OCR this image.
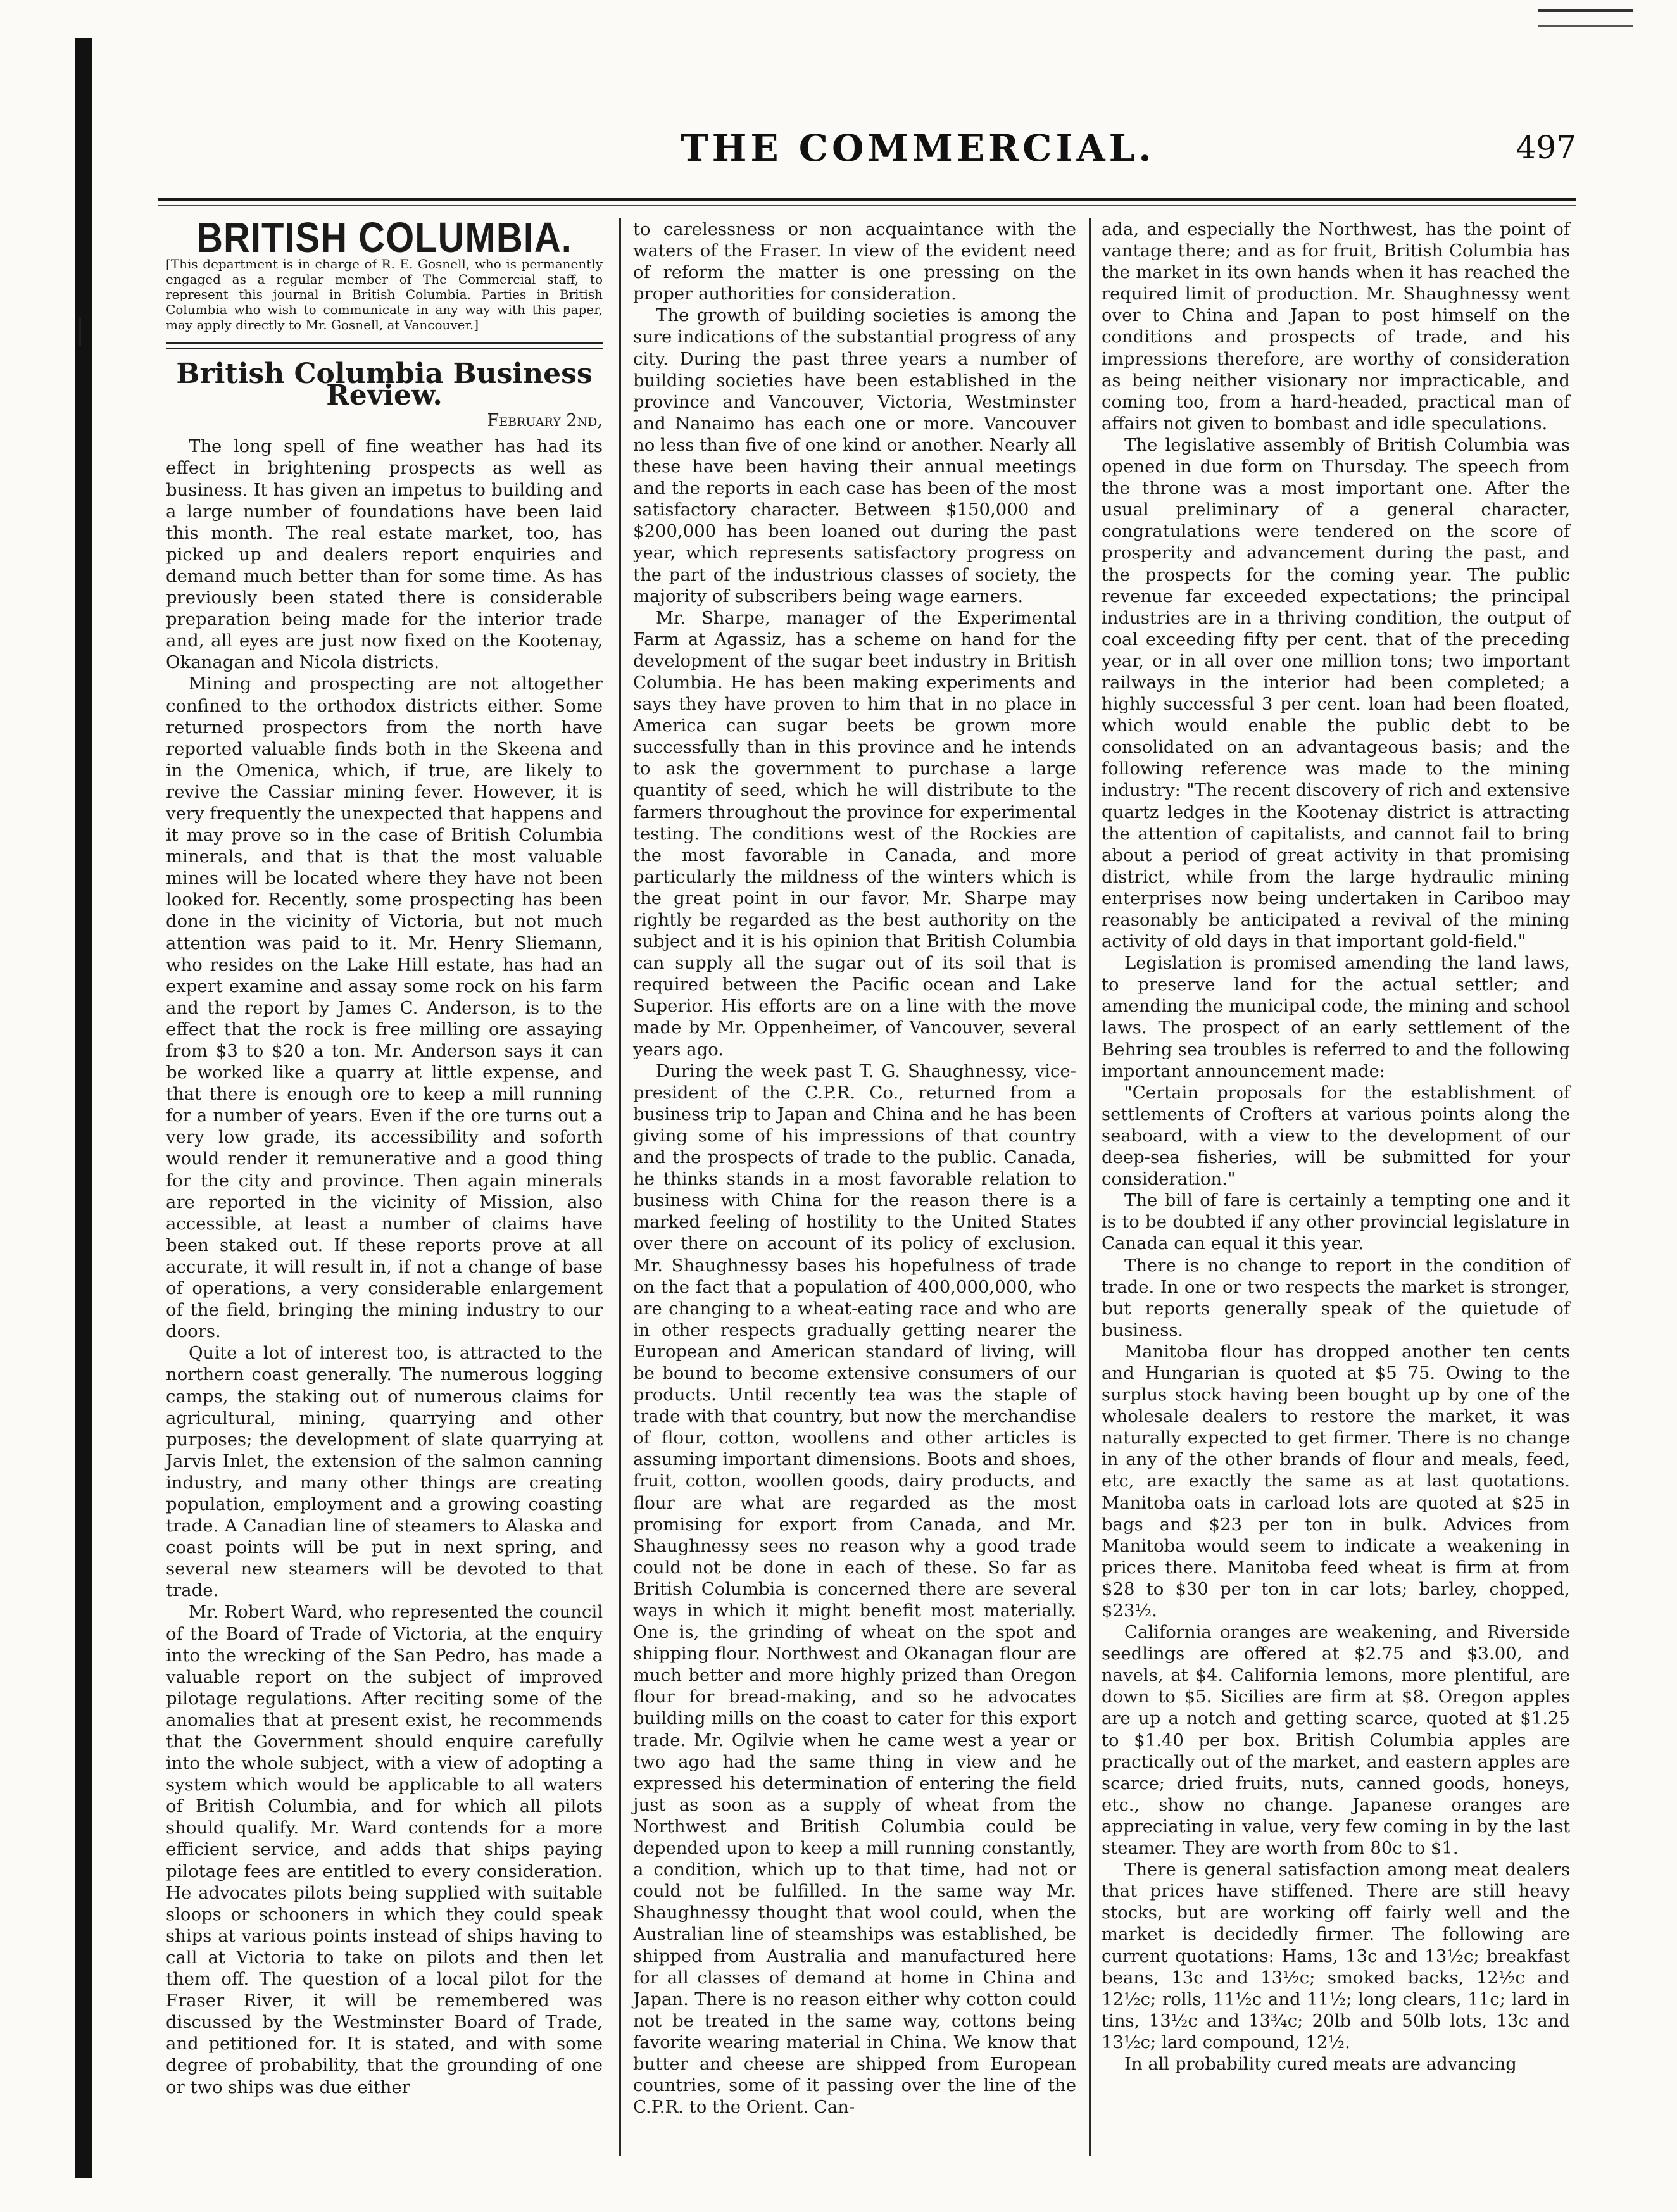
THE COMMERCIAL.	497
BRITISH COLUMBIA.
[This department is in charge of R. E. Gosnell, who is permanently engaged as a regular member of The Commercial staff, to represent this journal in British Columbia. Parties in British Columbia who wish to communicate in any way with this paper, may apply directly to Mr. Gosnell, at Vancouver.]
British Columbia Business Review.
February 2nd,

The long spell of fine weather has had its effect in brightening prospects as well as business. It has given an impetus to building and a large number of foundations have been laid this month. The real estate market, too, has picked up and dealers report enquiries and demand much better than for some time. As has previously been stated there is considerable preparation being made for the interior trade and, all eyes are just now fixed on the Kootenay, Okanagan and Nicola districts.

Mining and prospecting are not altogether confined to the orthodox districts either. Some returned prospectors from the north have reported valuable finds both in the Skeena and in the Omenica, which, if true, are likely to revive the Cassiar mining fever. However, it is very frequently the unexpected that happens and it may prove so in the case of British Columbia minerals, and that is that the most valuable mines will be located where they have not been looked for. Recently, some prospecting has been done in the vicinity of Victoria, but not much attention was paid to it. Mr. Henry Sliemann, who resides on the Lake Hill estate, has had an expert examine and assay some rock on his farm and the report by James C. Anderson, is to the effect that the rock is free milling ore assaying from $3 to $20 a ton. Mr. Anderson says it can be worked like a quarry at little expense, and that there is enough ore to keep a mill running for a number of years. Even if the ore turns out a very low grade, its accessibility and soforth would render it remunerative and a good thing for the city and province. Then again minerals are reported in the vicinity of Mission, also accessible, at least a number of claims have been staked out. If these reports prove at all accurate, it will result in, if not a change of base of operations, a very considerable enlargement of the field, bringing the mining industry to our doors.

Quite a lot of interest too, is attracted to the northern coast generally. The numerous logging camps, the staking out of numerous claims for agricultural, mining, quarrying and other purposes; the development of slate quarrying at Jarvis Inlet, the extension of the salmon canning industry, and many other things are creating population, employment and a growing coasting trade. A Canadian line of steamers to Alaska and coast points will be put in next spring, and several new steamers will be devoted to that trade.

Mr. Robert Ward, who represented the council of the Board of Trade of Victoria, at the enquiry into the wrecking of the San Pedro, has made a valuable report on the subject of improved pilotage regulations. After reciting some of the anomalies that at present exist, he recommends that the Government should enquire carefully into the whole subject, with a view of adopting a system which would be applicable to all waters of British Columbia, and for which all pilots should qualify. Mr. Ward contends for a more efficient service, and adds that ships paying pilotage fees are entitled to every consideration. He advocates pilots being supplied with suitable sloops or schooners in which they could speak ships at various points instead of ships having to call at Victoria to take on pilots and then let them off. The question of a local pilot for the Fraser River, it will be remembered was discussed by the Westminster Board of Trade, and petitioned for. It is stated, and with some degree of probability, that the grounding of one or two ships was due either

to carelessness or non acquaintance with the waters of the Fraser. In view of the evident need of reform the matter is one pressing on the proper authorities for consideration.

The growth of building societies is among the sure indications of the substantial progress of any city. During the past three years a number of building societies have been established in the province and Vancouver, Victoria, Westminster and Nanaimo has each one or more. Vancouver no less than five of one kind or another. Nearly all these have been having their annual meetings and the reports in each case has been of the most satisfactory character. Between $150,000 and $200,000 has been loaned out during the past year, which represents satisfactory progress on the part of the industrious classes of society, the majority of subscribers being wage earners.

Mr. Sharpe, manager of the Experimental Farm at Agassiz, has a scheme on hand for the development of the sugar beet industry in British Columbia. He has been making experiments and says they have proven to him that in no place in America can sugar beets be grown more successfully than in this province and he intends to ask the government to purchase a large quantity of seed, which he will distribute to the farmers throughout the province for experimental testing. The conditions west of the Rockies are the most favorable in Canada, and more particularly the mildness of the winters which is the great point in our favor. Mr. Sharpe may rightly be regarded as the best authority on the subject and it is his opinion that British Columbia can supply all the sugar out of its soil that is required between the Pacific ocean and Lake Superior. His efforts are on a line with the move made by Mr. Oppenheimer, of Vancouver, several years ago.

During the week past T. G. Shaughnessy, vice-president of the C.P.R. Co., returned from a business trip to Japan and China and he has been giving some of his impressions of that country and the prospects of trade to the public. Canada, he thinks stands in a most favorable relation to business with China for the reason there is a marked feeling of hostility to the United States over there on account of its policy of exclusion. Mr. Shaughnessy bases his hopefulness of trade on the fact that a population of 400,000,000, who are changing to a wheat-eating race and who are in other respects gradually getting nearer the European and American standard of living, will be bound to become extensive consumers of our products. Until recently tea was the staple of trade with that country, but now the merchandise of flour, cotton, woollens and other articles is assuming important dimensions. Boots and shoes, fruit, cotton, woollen goods, dairy products, and flour are what are regarded as the most promising for export from Canada, and Mr. Shaughnessy sees no reason why a good trade could not be done in each of these. So far as British Columbia is concerned there are several ways in which it might benefit most materially. One is, the grinding of wheat on the spot and shipping flour. Northwest and Okanagan flour are much better and more highly prized than Oregon flour for bread-making, and so he advocates building mills on the coast to cater for this export trade. Mr. Ogilvie when he came west a year or two ago had the same thing in view and he expressed his determination of entering the field just as soon as a supply of wheat from the Northwest and British Columbia could be depended upon to keep a mill running constantly, a condition, which up to that time, had not or could not be fulfilled. In the same way Mr. Shaughnessy thought that wool could, when the Australian line of steamships was established, be shipped from Australia and manufactured here for all classes of demand at home in China and Japan. There is no reason either why cotton could not be treated in the same way, cottons being favorite wearing material in China. We know that butter and cheese are shipped from European countries, some of it passing over the line of the C.P.R. to the Orient. Can-

ada, and especially the Northwest, has the point of vantage there; and as for fruit, British Columbia has the market in its own hands when it has reached the required limit of production. Mr. Shaughnessy went over to China and Japan to post himself on the conditions and prospects of trade, and his impressions therefore, are worthy of consideration as being neither visionary nor impracticable, and coming too, from a hard-headed, practical man of affairs not given to bombast and idle speculations.

The legislative assembly of British Columbia was opened in due form on Thursday. The speech from the throne was a most important one. After the usual preliminary of a general character, congratulations were tendered on the score of prosperity and advancement during the past, and the prospects for the coming year. The public revenue far exceeded expectations; the principal industries are in a thriving condition, the output of coal exceeding fifty per cent. that of the preceding year, or in all over one million tons; two important railways in the interior had been completed; a highly successful 3 per cent. loan had been floated, which would enable the public debt to be consolidated on an advantageous basis; and the following reference was made to the mining industry: "The recent discovery of rich and extensive quartz ledges in the Kootenay district is attracting the attention of capitalists, and cannot fail to bring about a period of great activity in that promising district, while from the large hydraulic mining enterprises now being undertaken in Cariboo may reasonably be anticipated a revival of the mining activity of old days in that important gold-field."

Legislation is promised amending the land laws, to preserve land for the actual settler; and amending the municipal code, the mining and school laws. The prospect of an early settlement of the Behring sea troubles is referred to and the following important announcement made:

"Certain proposals for the establishment of settlements of Crofters at various points along the seaboard, with a view to the development of our deep-sea fisheries, will be submitted for your consideration."

The bill of fare is certainly a tempting one and it is to be doubted if any other provincial legislature in Canada can equal it this year.

There is no change to report in the condition of trade. In one or two respects the market is stronger, but reports generally speak of the quietude of business.

Manitoba flour has dropped another ten cents and Hungarian is quoted at $5 75. Owing to the surplus stock having been bought up by one of the wholesale dealers to restore the market, it was naturally expected to get firmer. There is no change in any of the other brands of flour and meals, feed, etc, are exactly the same as at last quotations. Manitoba oats in carload lots are quoted at $25 in bags and $23 per ton in bulk. Advices from Manitoba would seem to indicate a weakening in prices there. Manitoba feed wheat is firm at from $28 to $30 per ton in car lots; barley, chopped, $23½.

California oranges are weakening, and Riverside seedlings are offered at $2.75 and $3.00, and navels, at $4. California lemons, more plentiful, are down to $5. Sicilies are firm at $8. Oregon apples are up a notch and getting scarce, quoted at $1.25 to $1.40 per box. British Columbia apples are practically out of the market, and eastern apples are scarce; dried fruits, nuts, canned goods, honeys, etc., show no change. Japanese oranges are appreciating in value, very few coming in by the last steamer. They are worth from 80c to $1.

There is general satisfaction among meat dealers that prices have stiffened. There are still heavy stocks, but are working off fairly well and the market is decidedly firmer. The following are current quotations: Hams, 13c and 13½c; breakfast beans, 13c and 13½c; smoked backs, 12½c and 12½c; rolls, 11½c and 11½; long clears, 11c; lard in tins, 13½c and 13¾c; 20lb and 50lb lots, 13c and 13½c; lard compound, 12½.

In all probability cured meats are advancing
